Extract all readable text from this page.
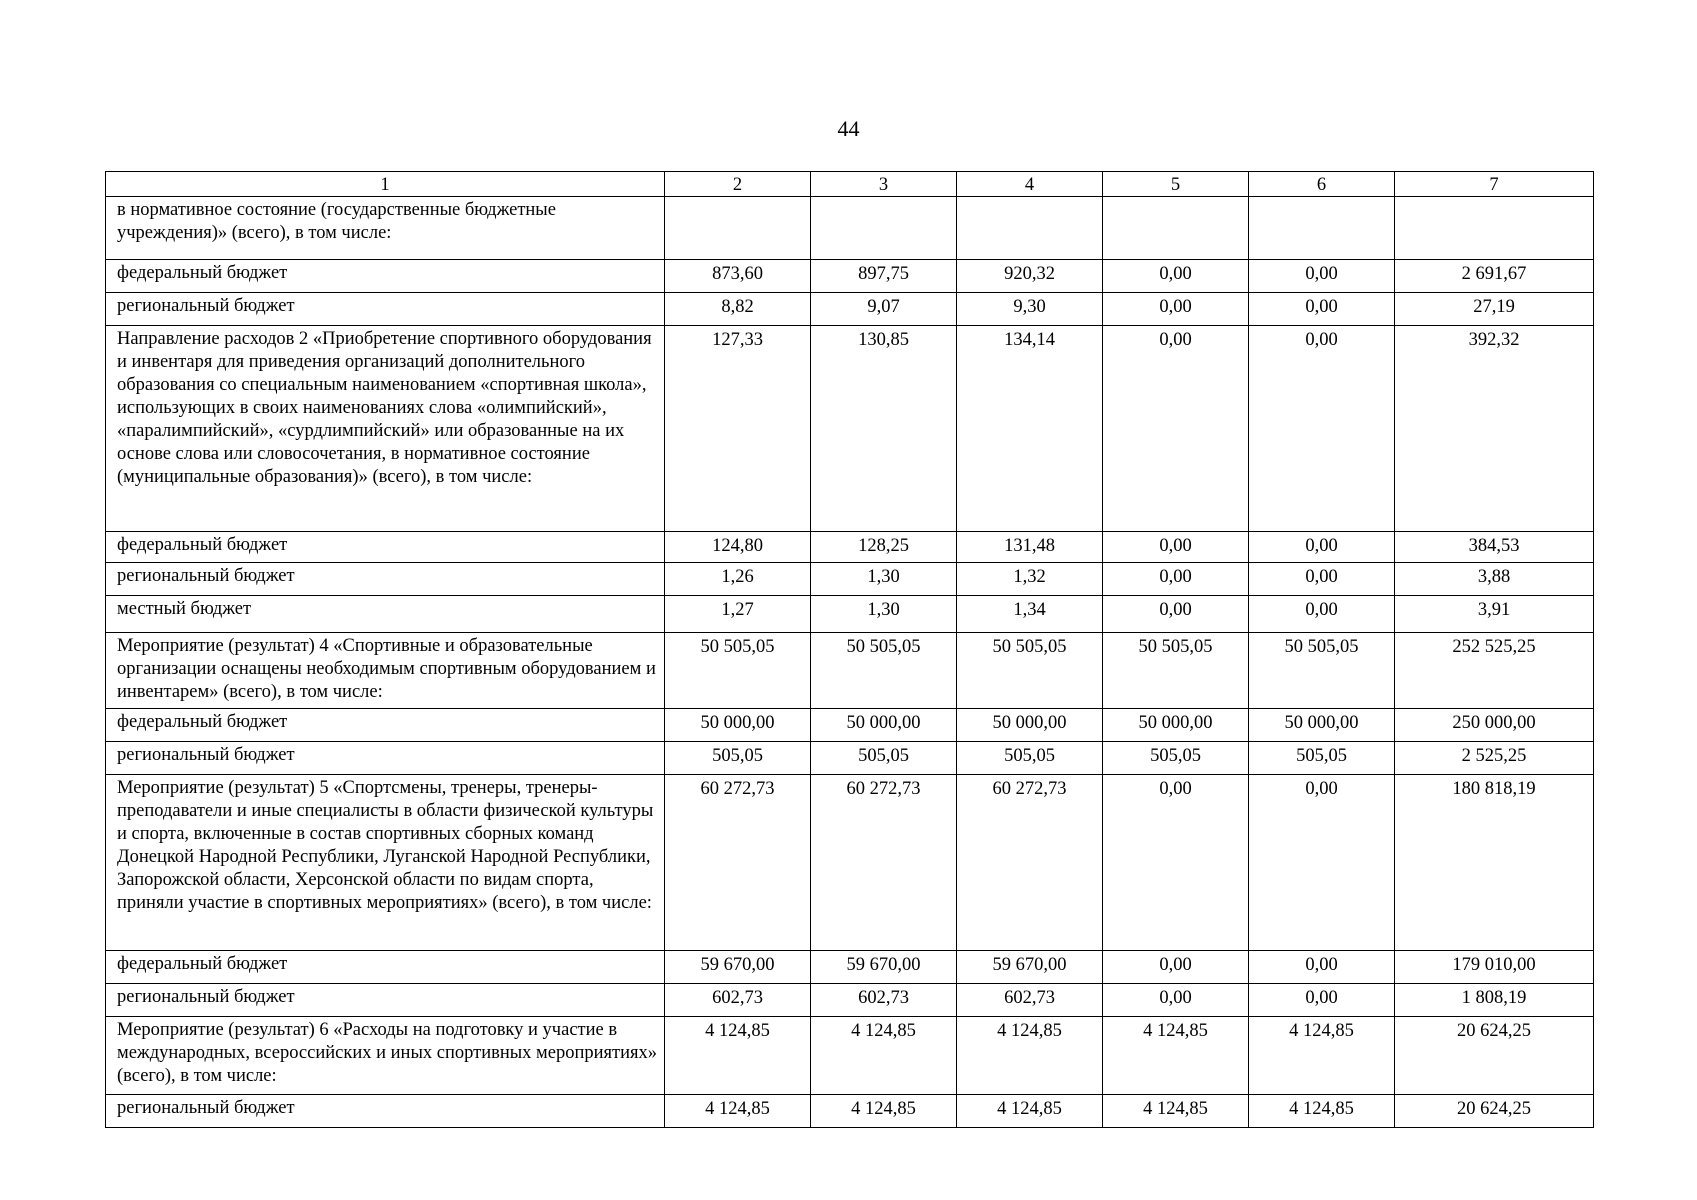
44
1	2	3	4	5	6	7
в нормативное состояние (государственные бюджетные учреждения)» (всего), в том числе:						
федеральный бюджет	873,60	897,75	920,32	0,00	0,00	2 691,67
региональный бюджет	8,82	9,07	9,30	0,00	0,00	27,19
Направление расходов 2 «Приобретение спортивного оборудования и инвентаря для приведения организаций дополнительного образования со специальным наименованием «спортивная школа», использующих в своих наименованиях слова «олимпийский», «паралимпийский», «сурдлимпийский» или образованные на их основе слова или словосочетания, в нормативное состояние (муниципальные образования)» (всего), в том числе:	127,33	130,85	134,14	0,00	0,00	392,32
федеральный бюджет	124,80	128,25	131,48	0,00	0,00	384,53
региональный бюджет	1,26	1,30	1,32	0,00	0,00	3,88
местный бюджет	1,27	1,30	1,34	0,00	0,00	3,91
Мероприятие (результат) 4 «Спортивные и образовательные организации оснащены необходимым спортивным оборудованием и инвентарем» (всего), в том числе:	50 505,05	50 505,05	50 505,05	50 505,05	50 505,05	252 525,25
федеральный бюджет	50 000,00	50 000,00	50 000,00	50 000,00	50 000,00	250 000,00
региональный бюджет	505,05	505,05	505,05	505,05	505,05	2 525,25
Мероприятие (результат) 5 «Спортсмены, тренеры, тренеры-преподаватели и иные специалисты в области физической культуры и спорта, включенные в состав спортивных сборных команд Донецкой Народной Республики, Луганской Народной Республики, Запорожской области, Херсонской области по видам спорта, приняли участие в спортивных мероприятиях» (всего), в том числе:	60 272,73	60 272,73	60 272,73	0,00	0,00	180 818,19
федеральный бюджет	59 670,00	59 670,00	59 670,00	0,00	0,00	179 010,00
региональный бюджет	602,73	602,73	602,73	0,00	0,00	1 808,19
Мероприятие (результат) 6 «Расходы на подготовку и участие в международных, всероссийских и иных спортивных мероприятиях» (всего), в том числе:	4 124,85	4 124,85	4 124,85	4 124,85	4 124,85	20 624,25
региональный бюджет	4 124,85	4 124,85	4 124,85	4 124,85	4 124,85	20 624,25
